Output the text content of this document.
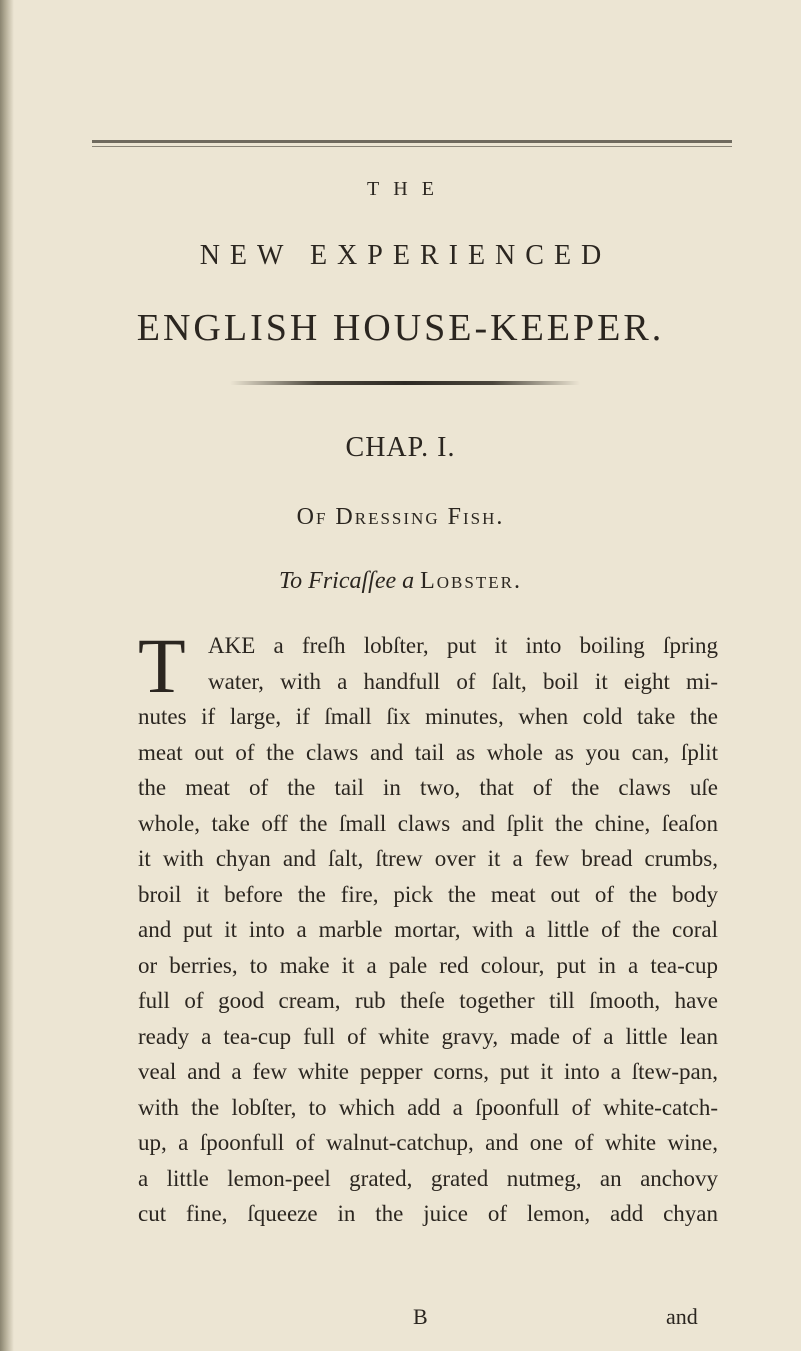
THE
NEW EXPERIENCED
ENGLISH HOUSE-KEEPER.
CHAP. I.
Of Dressing Fish.
To Fricaſſee a Lobster.
T AKE a freſh lobſter, put it into boiling ſpring
water, with a handfull of ſalt, boil it eight mi-
nutes if large, if ſmall ſix minutes, when cold take the
meat out of the claws and tail as whole as you can, ſplit
the meat of the tail in two, that of the claws uſe
whole, take off the ſmall claws and ſplit the chine, ſeaſon
it with chyan and ſalt, ſtrew over it a few bread crumbs,
broil it before the fire, pick the meat out of the body
and put it into a marble mortar, with a little of the coral
or berries, to make it a pale red colour, put in a tea-cup
full of good cream, rub theſe together till ſmooth, have
ready a tea-cup full of white gravy, made of a little lean
veal and a few white pepper corns, put it into a ſtew-pan,
with the lobſter, to which add a ſpoonfull of white-catch-
up, a ſpoonfull of walnut-catchup, and one of white wine,
a little lemon-peel grated, grated nutmeg, an anchovy
cut fine, ſqueeze in the juice of lemon, add chyan
B	and
